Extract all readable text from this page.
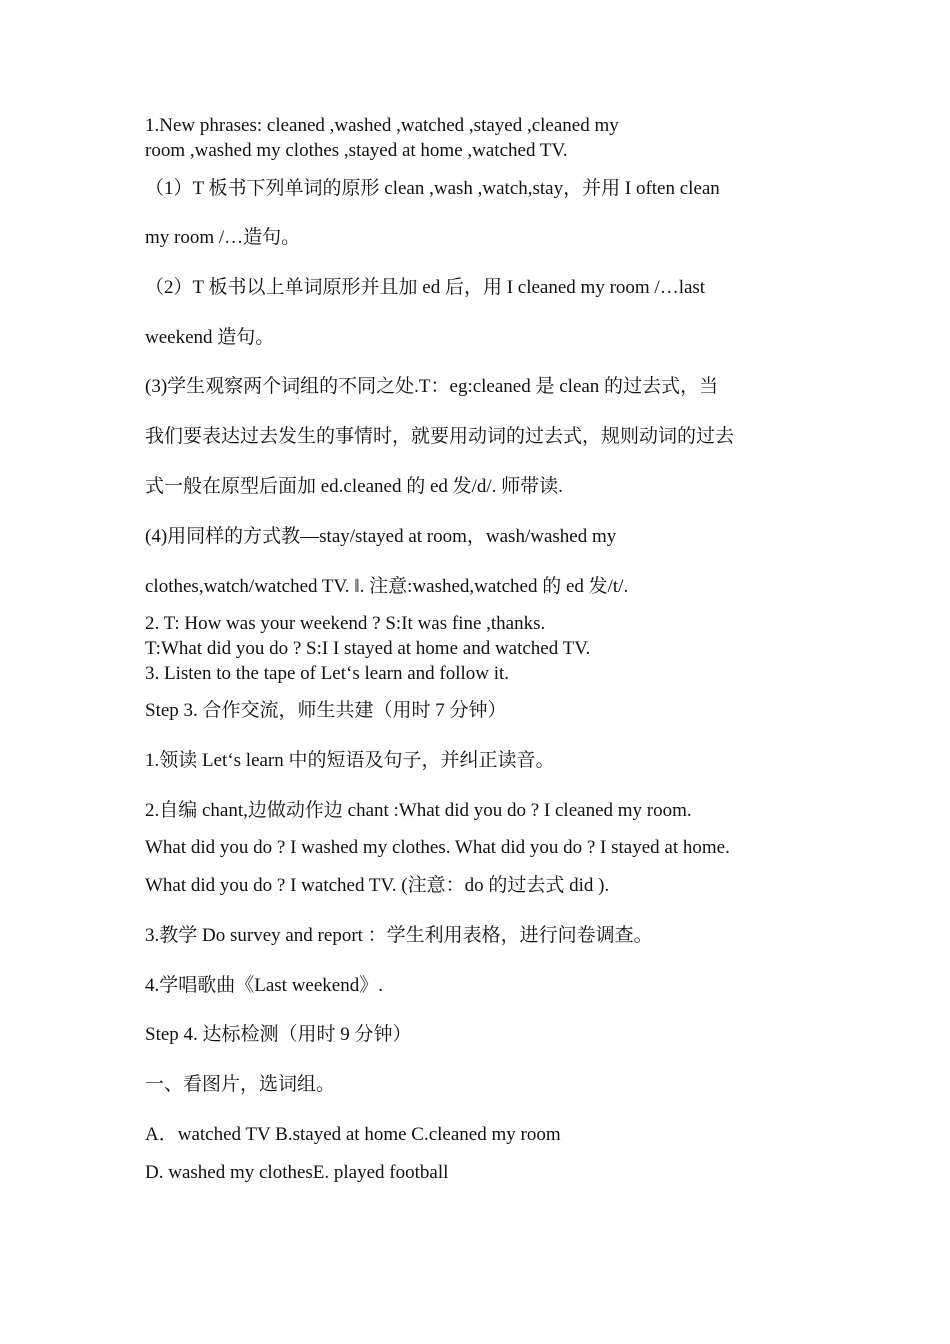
1.New phrases: cleaned ,washed ,watched ,stayed ,cleaned my
room ,washed my clothes ,stayed at home ,watched TV.
（1）T 板书下列单词的原形 clean ,wash ,watch,stay，并用 I often clean
my room /…造句。
（2）T 板书以上单词原形并且加 ed 后，用 I cleaned my room /…last
weekend 造句。
(3)学生观察两个词组的不同之处.T：eg:cleaned 是 clean 的过去式，当
我们要表达过去发生的事情时，就要用动词的过去式，规则动词的过去
式一般在原型后面加 ed.cleaned 的 ed 发/d/. 师带读.
(4)用同样的方式教—stay/stayed at room，wash/washed my
clothes,watch/watched TV. ‖. 注意:washed,watched 的 ed 发/t/.
2. T: How was your weekend ? S:It was fine ,thanks.
T:What did you do ? S:I I stayed at home and watched TV.
3. Listen to the tape of Let‘s learn and follow it.
Step 3. 合作交流，师生共建（用时 7 分钟）
1.领读 Let‘s learn 中的短语及句子，并纠正读音。
2.自编 chant,边做动作边 chant :What did you do ? I cleaned my room.
What did you do ? I washed my clothes. What did you do ? I stayed at home.
What did you do ? I watched TV. (注意：do 的过去式 did ).
3.教学 Do survey and report ：学生利用表格，进行问卷调查。
4.学唱歌曲《Last weekend》.
Step 4. 达标检测（用时 9 分钟）
一、看图片，选词组。
A．watched TV B.stayed at home C.cleaned my room
D. washed my clothesE. played football
